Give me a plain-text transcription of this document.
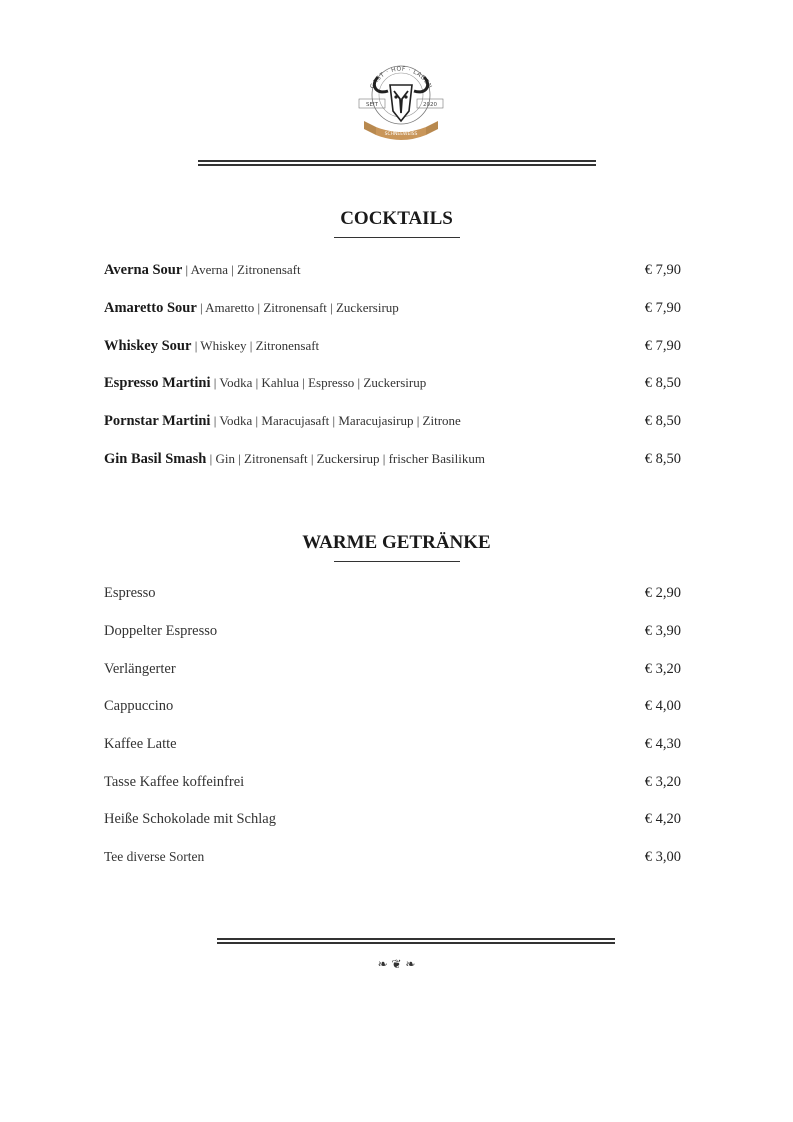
GAST · HOF · LADEN
SEIT	2020
SCHNEEWEISS
COCKTAILS
Averna Sour | Averna | Zitronensaft	€ 7,90
Amaretto Sour | Amaretto | Zitronensaft | Zuckersirup	€ 7,90
Whiskey Sour | Whiskey | Zitronensaft	€ 7,90
Espresso Martini | Vodka | Kahlua | Espresso | Zuckersirup	€ 8,50
Pornstar Martini | Vodka | Maracujasaft | Maracujasirup | Zitrone	€ 8,50
Gin Basil Smash | Gin | Zitronensaft | Zuckersirup | frischer Basilikum	€ 8,50
WARME GETRÄNKE
Espresso	€ 2,90
Doppelter Espresso	€ 3,90
Verlängerter	€ 3,20
Cappuccino	€ 4,00
Kaffee Latte	€ 4,30
Tasse Kaffee koffeinfrei	€ 3,20
Heiße Schokolade mit Schlag	€ 4,20
Tee diverse Sorten	€ 3,00
❧ ❦ ❧
